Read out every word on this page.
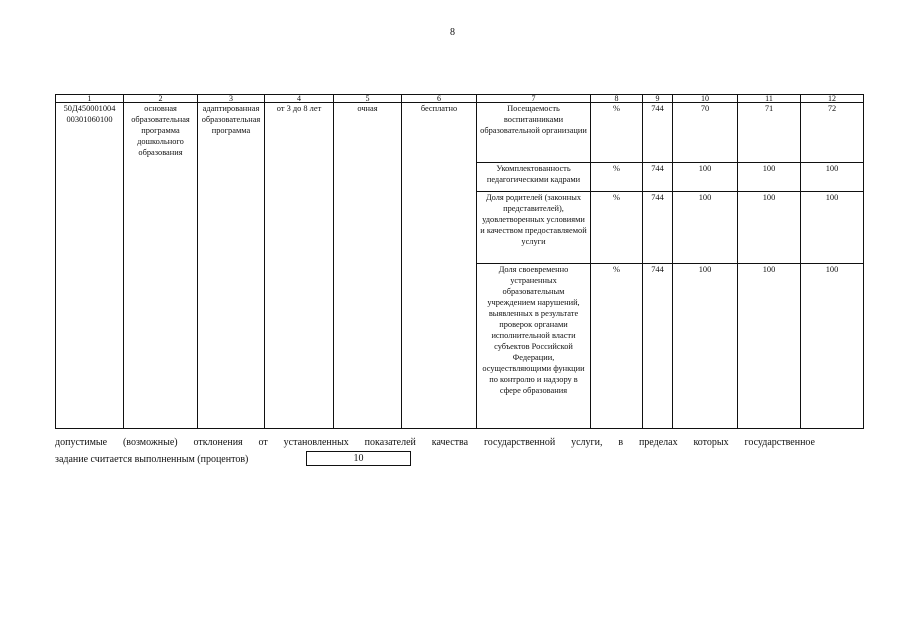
8
1	2	3	4	5	6	7	8	9	10	11	12
50Д450001004 00301060100	основная образовательная программа дошкольного образования	адаптированная образовательная программа	от 3 до 8 лет	очная	бесплатно	Посещаемость воспитанниками образовательной организации	%	744	70	71	72
						Укомплектованность педагогическими кадрами	%	744	100	100	100
						Доля родителей (законных представителей), удовлетворенных условиями и качеством предоставляемой услуги	%	744	100	100	100
						Доля своевременно устраненных образовательным учреждением нарушений, выявленных в результате проверок органами исполнительной власти субъектов Российской Федерации, осуществляющими функции по контролю и надзору в сфере образования	%	744	100	100	100
допустимые (возможные) отклонения от установленных показателей качества государственной услуги, в пределах которых государственное
задание считается выполненным (процентов)	10
